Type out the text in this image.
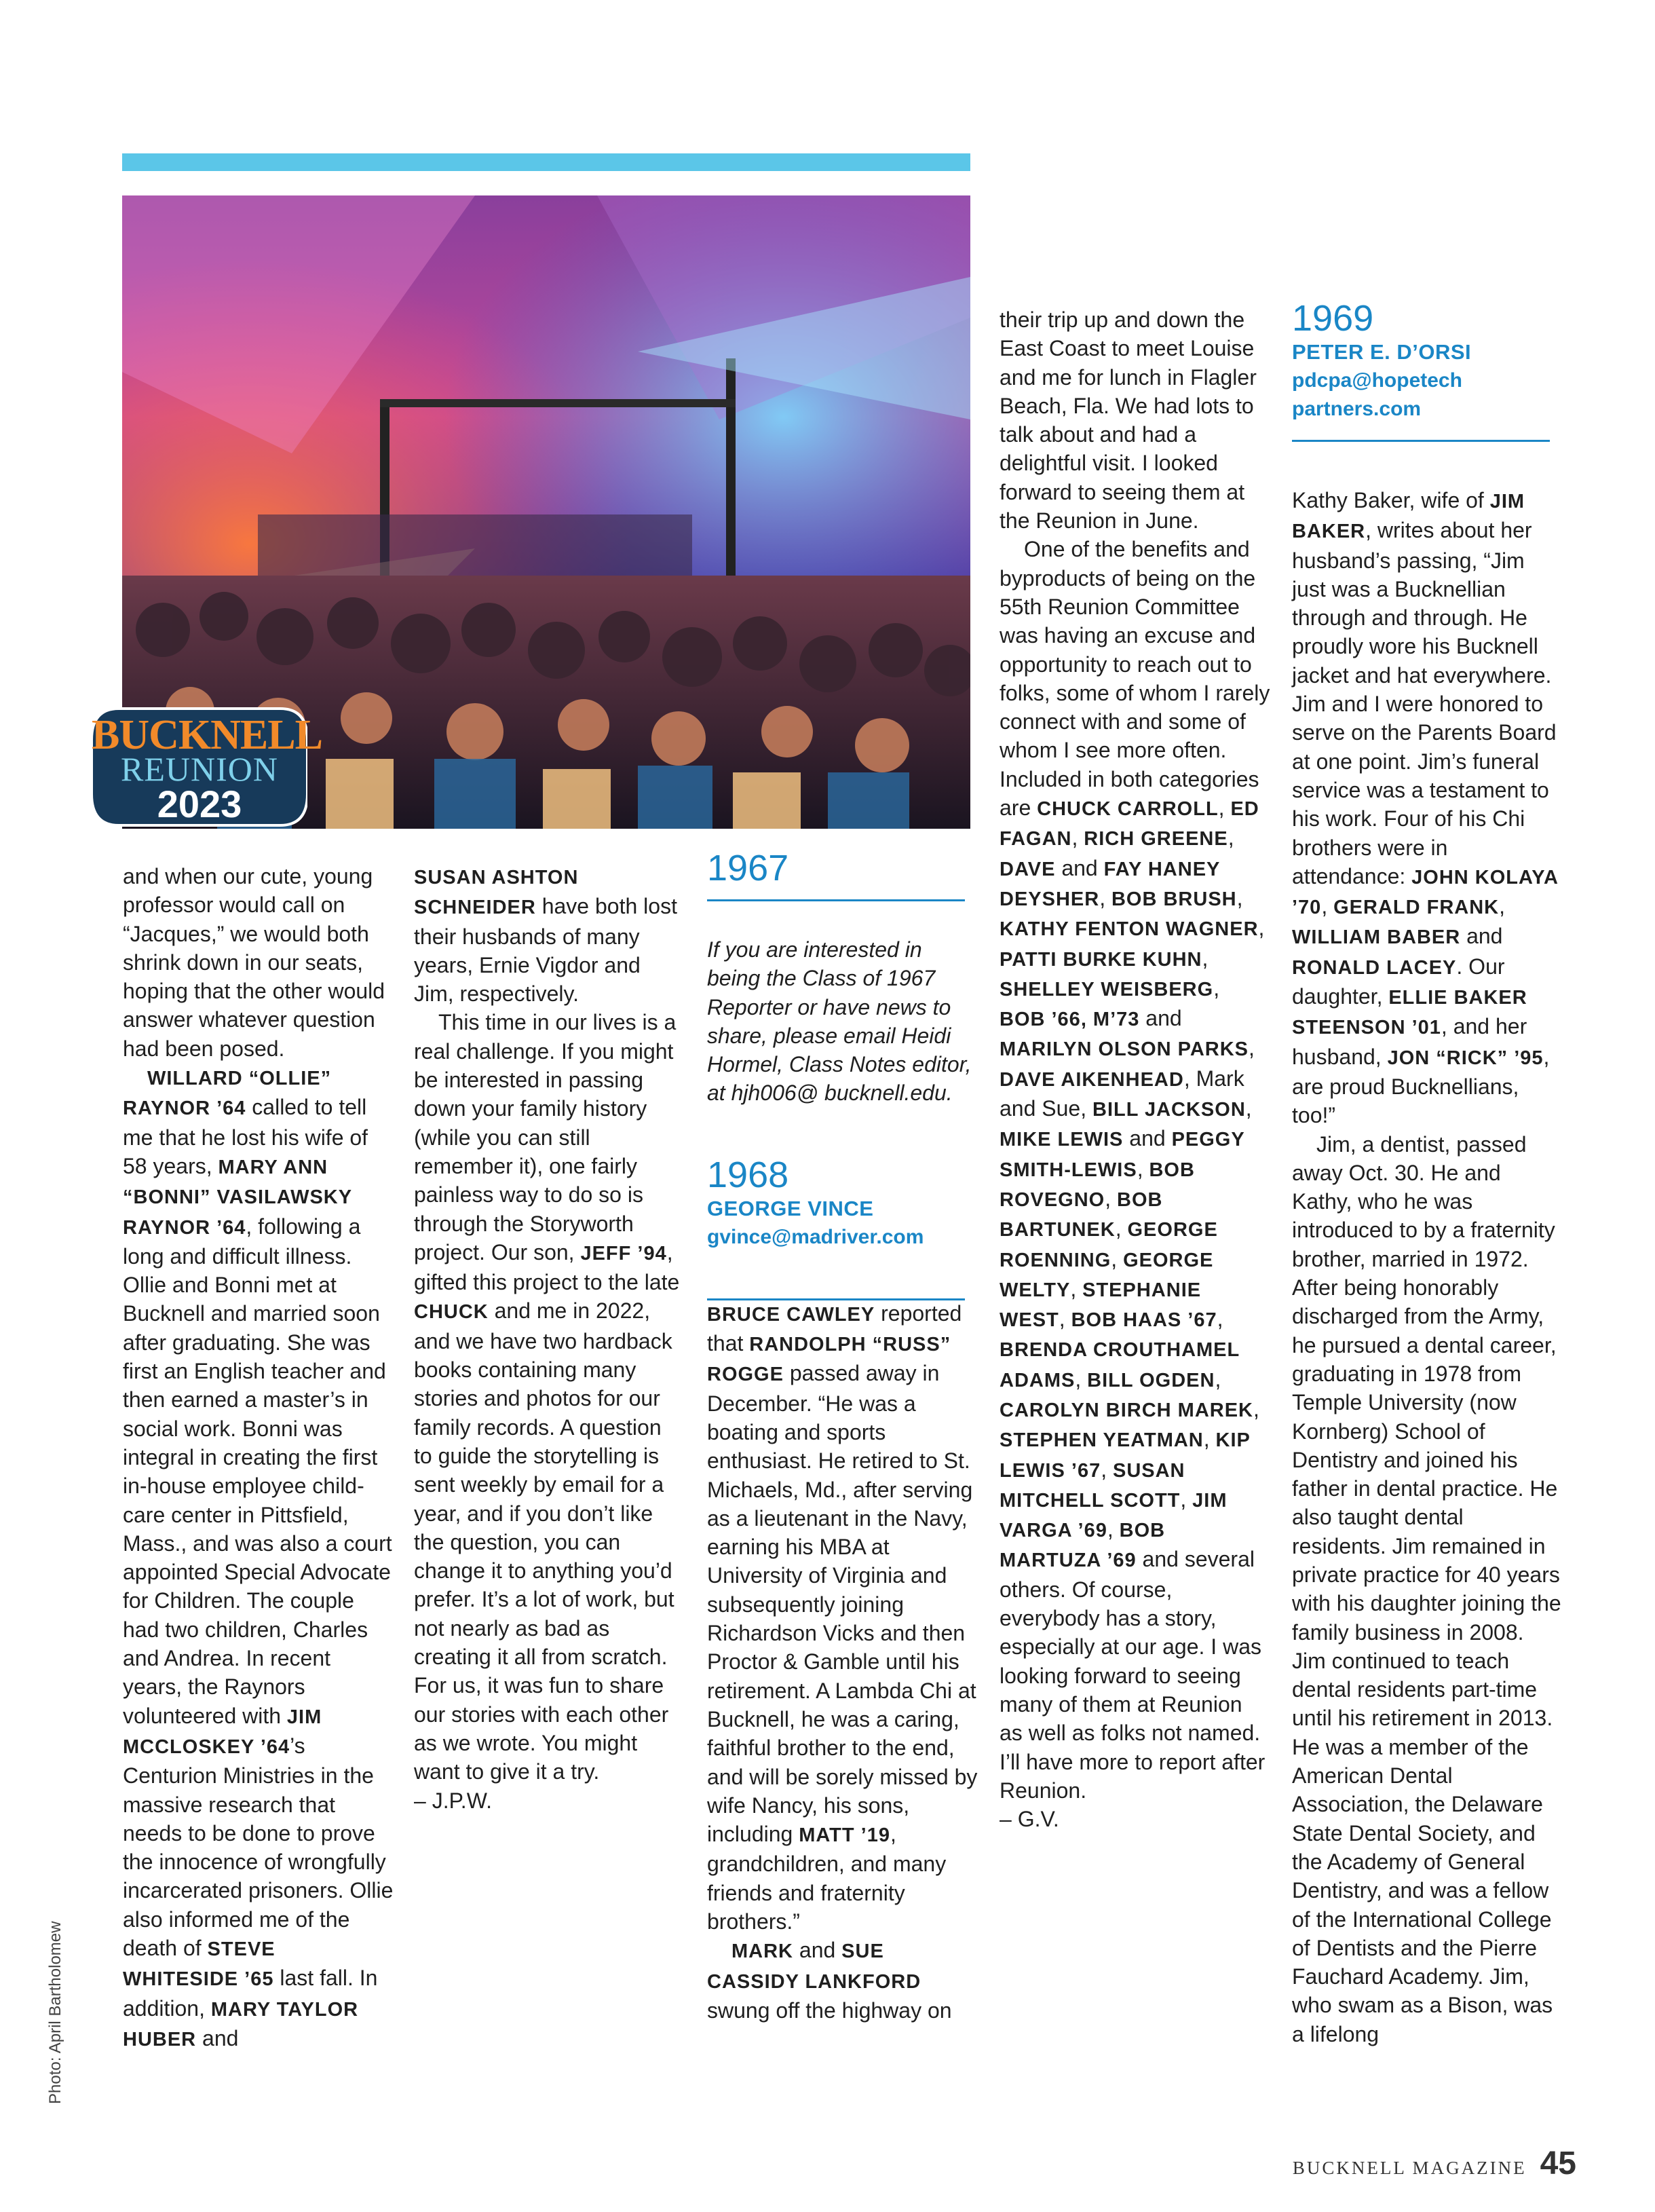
Photo: April Bartholomew
BUCKNELL
REUNION
2023

and when our cute, young professor would call on “Jacques,” we would both shrink down in our seats, hoping that the other would answer whatever question had been posed.

WILLARD “OLLIE” RAYNOR ’64 called to tell me that he lost his wife of 58 years, MARY ANN “BONNI” VASILAWSKY RAYNOR ’64, following a long and difficult illness. Ollie and Bonni met at Bucknell and married soon after graduating. She was first an English teacher and then earned a master’s in social work. Bonni was integral in creating the first in-house employee child-care center in Pittsfield, Mass., and was also a court appointed Special Advocate for Children. The couple had two children, Charles and Andrea. In recent years, the Raynors volunteered with JIM MCCLOSKEY ’64’s Centurion Ministries in the massive research that needs to be done to prove the innocence of wrongfully incarcerated prisoners. Ollie also informed me of the death of STEVE WHITESIDE ’65 last fall. In addition, MARY TAYLOR HUBER and

SUSAN ASHTON SCHNEIDER have both lost their husbands of many years, Ernie Vigdor and Jim, respectively.

This time in our lives is a real challenge. If you might be interested in passing down your family history (while you can still remember it), one fairly painless way to do so is through the Storyworth project. Our son, JEFF ’94, gifted this project to the late CHUCK and me in 2022, and we have two hardback books containing many stories and photos for our family records. A question to guide the storytelling is sent weekly by email for a year, and if you don’t like the question, you can change it to anything you’d prefer. It’s a lot of work, but not nearly as bad as creating it all from scratch. For us, it was fun to share our stories with each other as we wrote. You might want to give it a try.

– J.P.W.

1967

If you are interested in being the Class of 1967 Reporter or have news to share, please email Heidi Hormel, Class Notes editor, at hjh006@ bucknell.edu.

1968
GEORGE VINCE
gvince@madriver.com

BRUCE CAWLEY reported that RANDOLPH “RUSS” ROGGE passed away in December. “He was a boating and sports enthusiast. He retired to St. Michaels, Md., after serving as a lieutenant in the Navy, earning his MBA at University of Virginia and subsequently joining Richardson Vicks and then Proctor & Gamble until his retirement. A Lambda Chi at Bucknell, he was a caring, faithful brother to the end, and will be sorely missed by wife Nancy, his sons, including MATT ’19, grandchildren, and many friends and fraternity brothers.”

MARK and SUE CASSIDY LANKFORD swung off the highway on

their trip up and down the East Coast to meet Louise and me for lunch in Flagler Beach, Fla. We had lots to talk about and had a delightful visit. I looked forward to seeing them at the Reunion in June.

One of the benefits and byproducts of being on the 55th Reunion Committee was having an excuse and opportunity to reach out to folks, some of whom I rarely connect with and some of whom I see more often. Included in both categories are CHUCK CARROLL, ED FAGAN, RICH GREENE, DAVE and FAY HANEY DEYSHER, BOB BRUSH, KATHY FENTON WAGNER, PATTI BURKE KUHN, SHELLEY WEISBERG, BOB ’66, M’73 and MARILYN OLSON PARKS, DAVE AIKENHEAD, Mark and Sue, BILL JACKSON, MIKE LEWIS and PEGGY SMITH-LEWIS, BOB ROVEGNO, BOB BARTUNEK, GEORGE ROENNING, GEORGE WELTY, STEPHANIE WEST, BOB HAAS ’67, BRENDA CROUTHAMEL ADAMS, BILL OGDEN, CAROLYN BIRCH MAREK, STEPHEN YEATMAN, KIP LEWIS ’67, SUSAN MITCHELL SCOTT, JIM VARGA ’69, BOB MARTUZA ’69 and several others. Of course, everybody has a story, especially at our age. I was looking forward to seeing many of them at Reunion as well as folks not named. I’ll have more to report after Reunion.

– G.V.

1969
PETER E. D’ORSI
pdcpa@hopetech
partners.com

Kathy Baker, wife of JIM BAKER, writes about her husband’s passing, “Jim just was a Bucknellian through and through. He proudly wore his Bucknell jacket and hat everywhere. Jim and I were honored to serve on the Parents Board at one point. Jim’s funeral service was a testament to his work. Four of his Chi brothers were in attendance: JOHN KOLAYA ’70, GERALD FRANK, WILLIAM BABER and RONALD LACEY. Our daughter, ELLIE BAKER STEENSON ’01, and her husband, JON “RICK” ’95, are proud Bucknellians, too!”

Jim, a dentist, passed away Oct. 30. He and Kathy, who he was introduced to by a fraternity brother, married in 1972. After being honorably discharged from the Army, he pursued a dental career, graduating in 1978 from Temple University (now Kornberg) School of Dentistry and joined his father in dental practice. He also taught dental residents. Jim remained in private practice for 40 years with his daughter joining the family business in 2008. Jim continued to teach dental residents part-time until his retirement in 2013. He was a member of the American Dental Association, the Delaware State Dental Society, and the Academy of General Dentistry, and was a fellow of the International College of Dentists and the Pierre Fauchard Academy. Jim, who swam as a Bison, was a lifelong

BUCKNELL MAGAZINE 45
